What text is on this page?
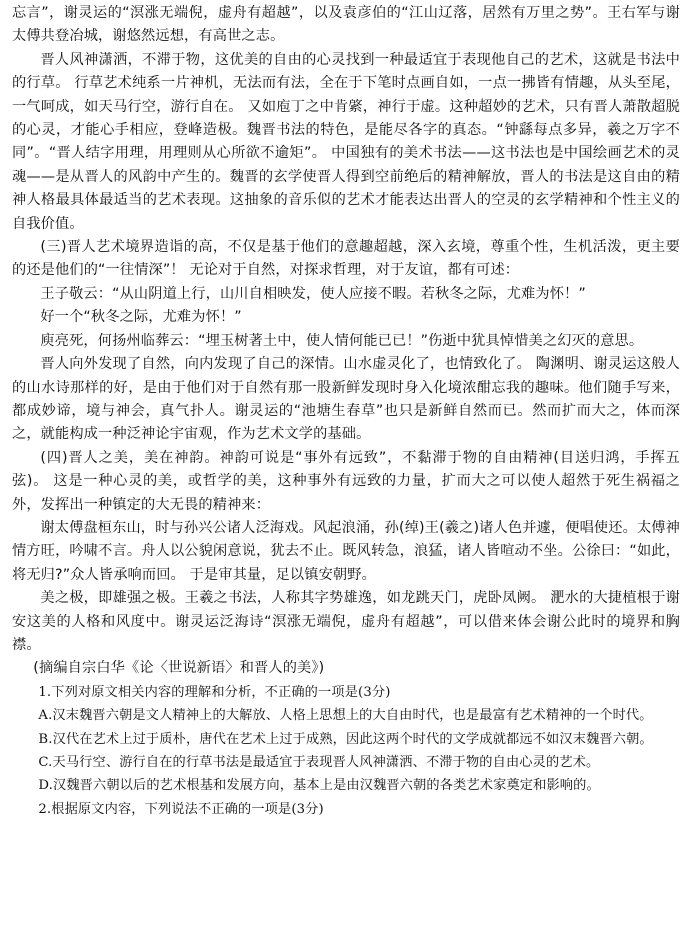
忘言”，谢灵运的“溟涨无端倪，虚舟有超越”，以及袁彦伯的“江山辽落，居然有万里之势”。王右军与谢太傅共登冶城，谢悠然远想，有高世之志。

晋人风神潇洒，不滞于物，这优美的自由的心灵找到一种最适宜于表现他自己的艺术，这就是书法中的行草。 行草艺术纯系一片神机，无法而有法，全在于下笔时点画自如，一点一拂皆有情趣，从头至尾，一气呵成，如天马行空，游行自在。 又如庖丁之中肯綮，神行于虚。这种超妙的艺术，只有晋人萧散超脱的心灵，才能心手相应，登峰造极。魏晋书法的特色，是能尽各字的真态。“钟繇每点多异，羲之万字不同”。“晋人结字用理，用理则从心所欲不逾矩”。 中国独有的美术书法——这书法也是中国绘画艺术的灵魂——是从晋人的风韵中产生的。魏晋的玄学使晋人得到空前绝后的精神解放，晋人的书法是这自由的精神人格最具体最适当的艺术表现。这抽象的音乐似的艺术才能表达出晋人的空灵的玄学精神和个性主义的自我价值。

(三)晋人艺术境界造诣的高，不仅是基于他们的意趣超越，深入玄境，尊重个性，生机活泼，更主要的还是他们的“一往情深”！ 无论对于自然，对探求哲理，对于友谊，都有可述：

王子敬云：“从山阴道上行，山川自相映发，使人应接不暇。若秋冬之际，尤难为怀！”

好一个“秋冬之际，尤难为怀！”

庾亮死，何扬州临葬云：“埋玉树著土中，使人情何能已已！”伤逝中犹具悼惜美之幻灭的意思。

晋人向外发现了自然，向内发现了自己的深情。山水虚灵化了，也情致化了。 陶渊明、谢灵运这般人的山水诗那样的好，是由于他们对于自然有那一股新鲜发现时身入化境浓酣忘我的趣味。他们随手写来，都成妙谛，境与神会，真气扑人。谢灵运的“池塘生春草”也只是新鲜自然而已。然而扩而大之，体而深之，就能构成一种泛神论宇宙观，作为艺术文学的基础。

(四)晋人之美，美在神韵。神韵可说是“事外有远致”，不黏滞于物的自由精神(目送归鸿，手挥五弦)。 这是一种心灵的美，或哲学的美，这种事外有远致的力量，扩而大之可以使人超然于死生祸福之外，发挥出一种镇定的大无畏的精神来：

谢太傅盘桓东山，时与孙兴公诸人泛海戏。风起浪涌，孙(绰)王(羲之)诸人色并遽，便唱使还。太傅神情方旺，吟啸不言。舟人以公貌闲意说，犹去不止。既风转急，浪猛，诸人皆喧动不坐。公徐曰：“如此，将无归?”众人皆承响而回。 于是审其量，足以镇安朝野。

美之极，即雄强之极。王羲之书法，人称其字势雄逸，如龙跳天门，虎卧凤阙。 淝水的大捷植根于谢安这美的人格和风度中。谢灵运泛海诗“溟涨无端倪，虚舟有超越”，可以借来体会谢公此时的境界和胸襟。

(摘编自宗白华《论〈世说新语〉和晋人的美》)

1.下列对原文相关内容的理解和分析，不正确的一项是(3分)

A.汉末魏晋六朝是文人精神上的大解放、人格上思想上的大自由时代，也是最富有艺术精神的一个时代。

B.汉代在艺术上过于质朴，唐代在艺术上过于成熟，因此这两个时代的文学成就都远不如汉末魏晋六朝。

C.天马行空、游行自在的行草书法是最适宜于表现晋人风神潇洒、不滞于物的自由心灵的艺术。

D.汉魏晋六朝以后的艺术根基和发展方向，基本上是由汉魏晋六朝的各类艺术家奠定和影响的。

2.根据原文内容，下列说法不正确的一项是(3分)
